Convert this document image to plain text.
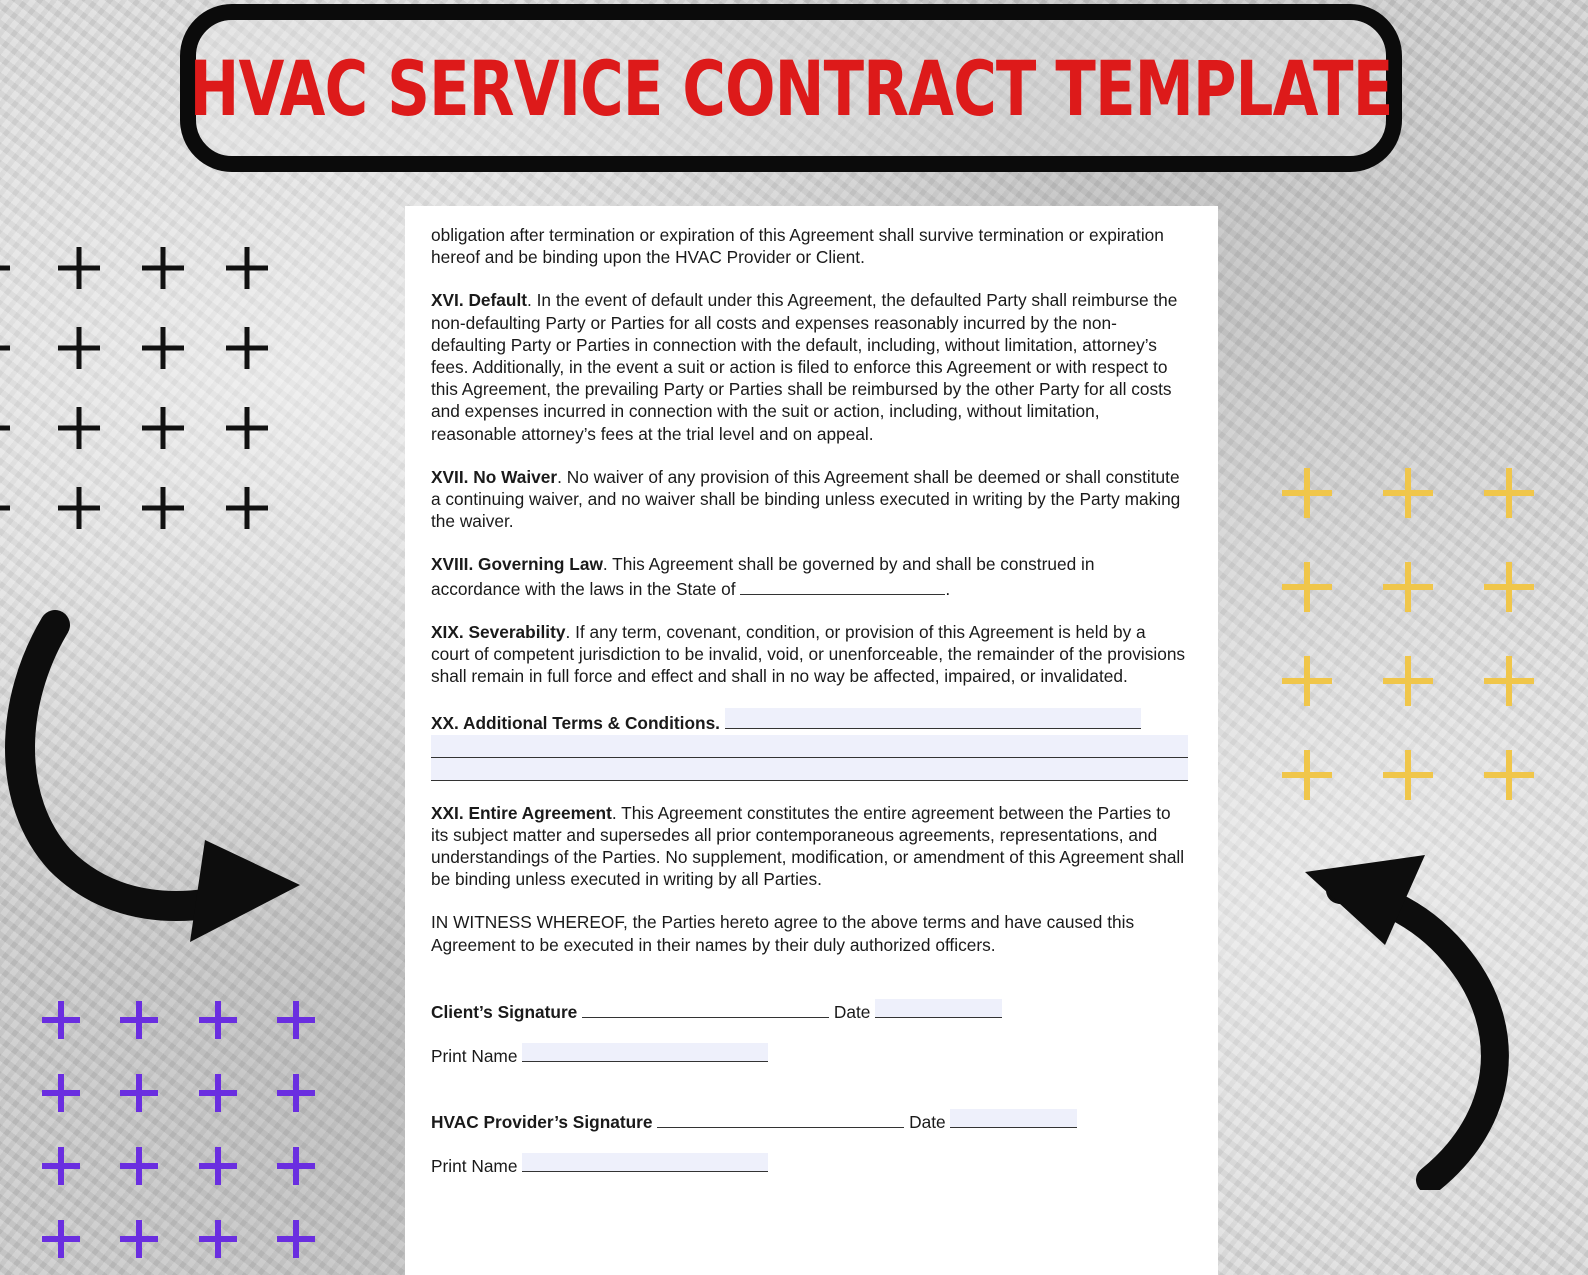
HVAC SERVICE CONTRACT TEMPLATE

obligation after termination or expiration of this Agreement shall survive termination or expiration hereof and be binding upon the HVAC Provider or Client.

XVI. Default. In the event of default under this Agreement, the defaulted Party shall reimburse the non-defaulting Party or Parties for all costs and expenses reasonably incurred by the non-defaulting Party or Parties in connection with the default, including, without limitation, attorney’s fees. Additionally, in the event a suit or action is filed to enforce this Agreement or with respect to this Agreement, the prevailing Party or Parties shall be reimbursed by the other Party for all costs and expenses incurred in connection with the suit or action, including, without limitation, reasonable attorney’s fees at the trial level and on appeal.

XVII. No Waiver. No waiver of any provision of this Agreement shall be deemed or shall constitute a continuing waiver, and no waiver shall be binding unless executed in writing by the Party making the waiver.

XVIII. Governing Law. This Agreement shall be governed by and shall be construed in accordance with the laws in the State of	.

XIX. Severability. If any term, covenant, condition, or provision of this Agreement is held by a court of competent jurisdiction to be invalid, void, or unenforceable, the remainder of the provisions shall remain in full force and effect and shall in no way be affected, impaired, or invalidated.

XX. Additional Terms & Conditions.

XXI. Entire Agreement. This Agreement constitutes the entire agreement between the Parties to its subject matter and supersedes all prior contemporaneous agreements, representations, and understandings of the Parties. No supplement, modification, or amendment of this Agreement shall be binding unless executed in writing by all Parties.

IN WITNESS WHEREOF, the Parties hereto agree to the above terms and have caused this Agreement to be executed in their names by their duly authorized officers.

Client’s Signature	Date
Print Name
HVAC Provider’s Signature	Date
Print Name
